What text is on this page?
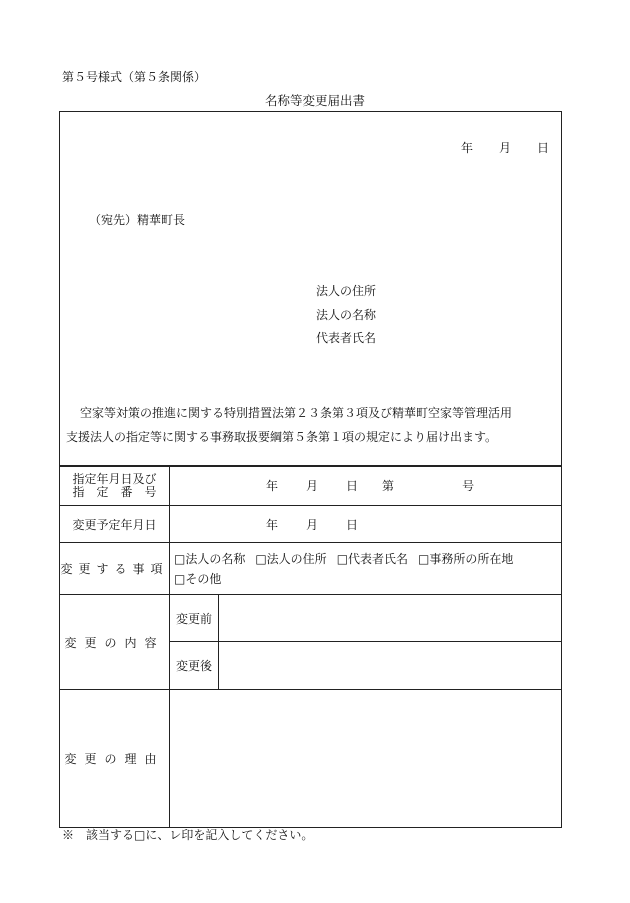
第５号様式（第５条関係）
名称等変更届出書
年 月 日
（宛先）精華町長
法人の住所
法人の名称
代表者氏名

空家等対策の推進に関する特別措置法第２３条第３項及び精華町空家等管理活用

支援法人の指定等に関する事務取扱要綱第５条第１項の規定により届け出ます。

指定年月日及び
指　定　番　号	年 月 日 第 号	
変更予定年月日	年 月 日	
変更する事項	□法人の名称 □法人の住所 □代表者氏名 □事務所の所在地
□その他	

変更の内容	変更前	
	変更後	
変更の理由		
※　該当する□に、レ印を記入してください。
